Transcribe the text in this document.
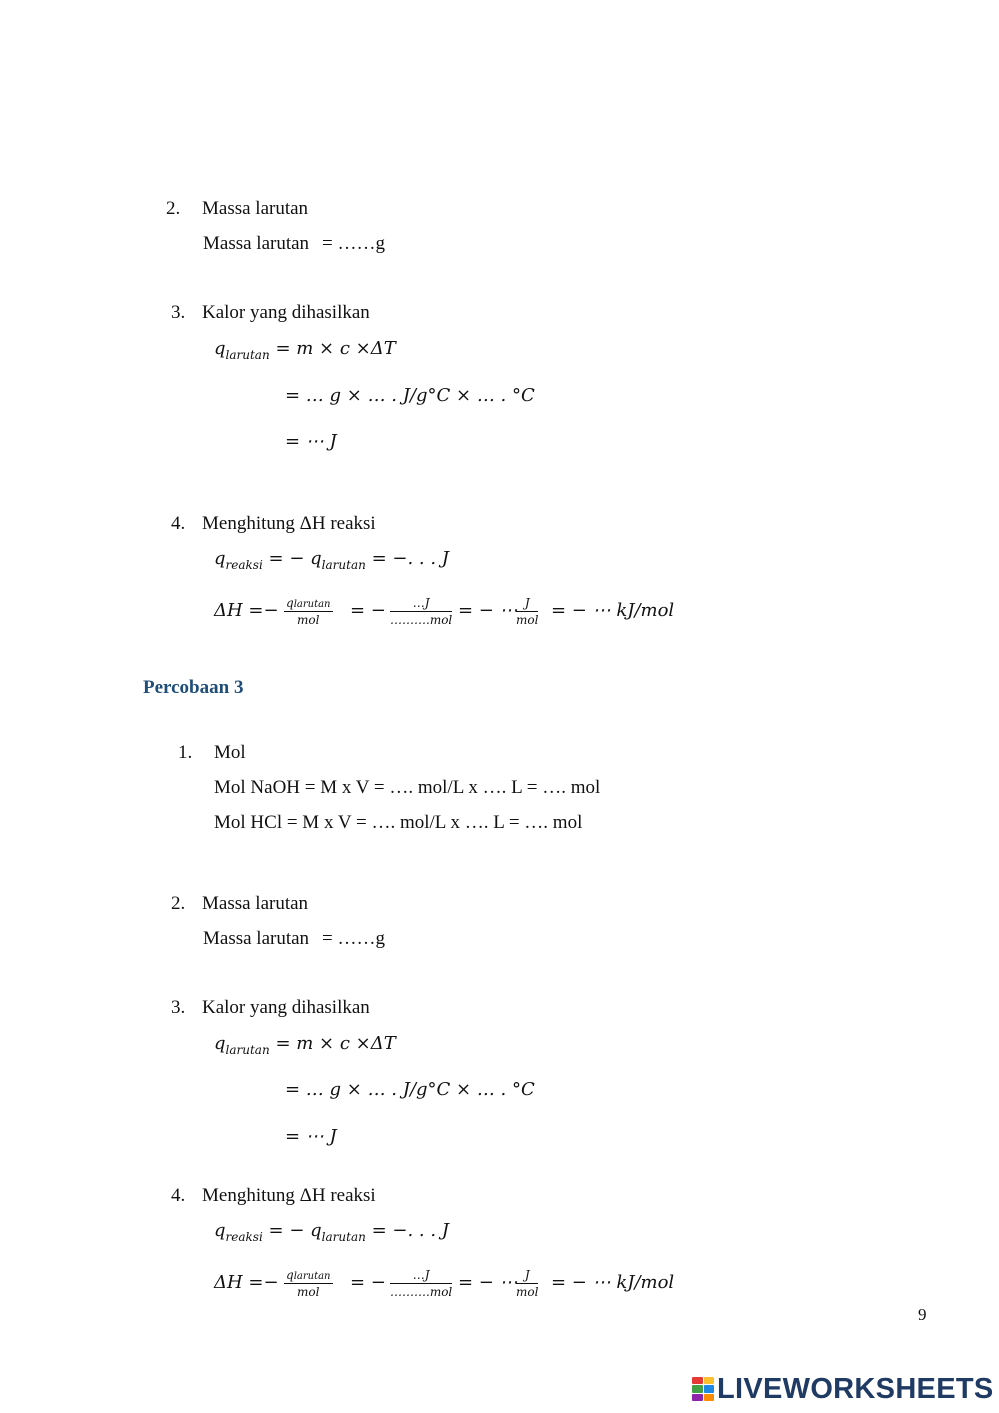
2. Massa larutan
Massa larutan = ……g
3. Kalor yang dihasilkan
$q_{larutan} = m \times c \times\Delta T$
= … g × … . J/g°C × … . °C
= ⋯ J
4. Menghitung ΔH reaksi
$q_{reaksi}$ = − $q_{larutan}$ = −. . . J
ΔH =− qlarutan
mol	= −	…J
……….mol = − ⋯ J
mol = − ⋯ kJ/mol
Percobaan 3
1. Mol
Mol NaOH = M x V = …. mol/L x …. L = …. mol
Mol HCl = M x V = …. mol/L x …. L = …. mol
2. Massa larutan
Massa larutan = ……g
3. Kalor yang dihasilkan
$q_{larutan} = m \times c \times\Delta T$
= … g × … . J/g°C × … . °C
= ⋯ J
4. Menghitung ΔH reaksi
$q_{reaksi}$ = − $q_{larutan}$ = −. . . J
ΔH =− qlarutan
mol	= −	…J
……….mol = − ⋯ J
mol = − ⋯ kJ/mol
9
LIVEWORKSHEETS
